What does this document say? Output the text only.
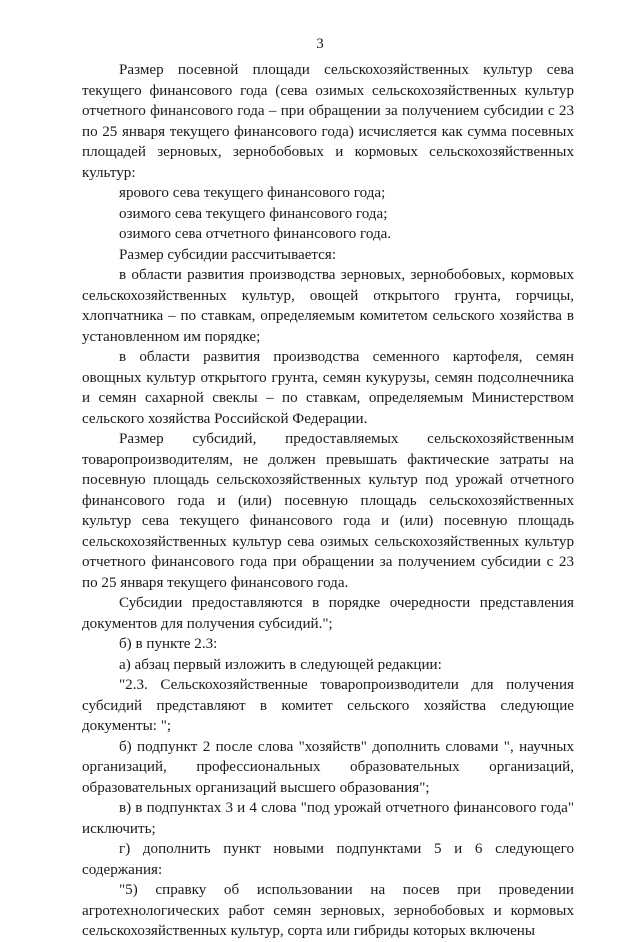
3

Размер посевной площади сельскохозяйственных культур сева текущего финансового года (сева озимых сельскохозяйственных культур отчетного финансового года – при обращении за получением субсидии с 23 по 25 января текущего финансового года) исчисляется как сумма посевных площадей зерновых, зернобобовых и кормовых сельскохозяйственных культур:

ярового сева текущего финансового года;

озимого сева текущего финансового года;

озимого сева отчетного финансового года.

Размер субсидии рассчитывается:

в области развития производства зерновых, зернобобовых, кормовых сельскохозяйственных культур, овощей открытого грунта, горчицы, хлопчатника – по ставкам, определяемым комитетом сельского хозяйства в установленном им порядке;

в области развития производства семенного картофеля, семян овощных культур открытого грунта, семян кукурузы, семян подсолнечника и семян сахарной свеклы – по ставкам, определяемым Министерством сельского хозяйства Российской Федерации.

Размер субсидий, предоставляемых сельскохозяйственным товаропроизводителям, не должен превышать фактические затраты на посевную площадь сельскохозяйственных культур под урожай отчетного финансового года и (или) посевную площадь сельскохозяйственных культур сева текущего финансового года и (или) посевную площадь сельскохозяйственных культур сева озимых сельскохозяйственных культур отчетного финансового года при обращении за получением субсидии с 23 по 25 января текущего финансового года.

Субсидии предоставляются в порядке очередности представления документов для получения субсидий.";

б) в пункте 2.3:

а) абзац первый изложить в следующей редакции:

"2.3. Сельскохозяйственные товаропроизводители для получения субсидий представляют в комитет сельского хозяйства следующие документы: ";

б) подпункт 2 после слова "хозяйств" дополнить словами ", научных организаций, профессиональных образовательных организаций, образовательных организаций высшего образования";

в) в подпунктах 3 и 4 слова "под урожай отчетного финансового года" исключить;

г) дополнить пункт новыми подпунктами 5 и 6 следующего содержания:

"5) справку об использовании на посев при проведении агротехнологических работ семян зерновых, зернобобовых и кормовых сельскохозяйственных культур, сорта или гибриды которых включены
